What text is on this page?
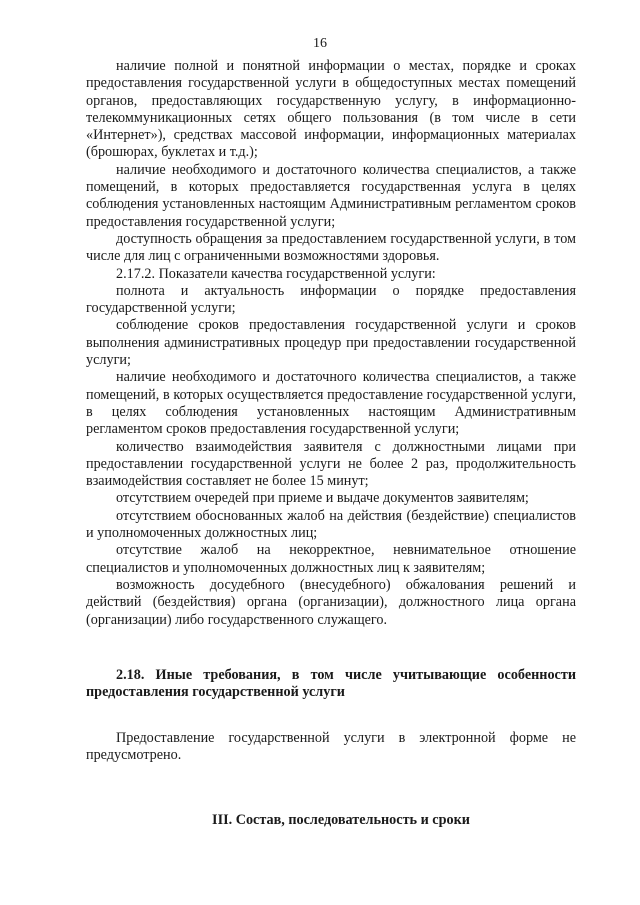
16

наличие полной и понятной информации о местах, порядке и сроках предоставления государственной услуги в общедоступных местах помещений органов, предоставляющих государственную услугу, в информационно-телекоммуникационных сетях общего пользования (в том числе в сети «Интернет»), средствах массовой информации, информационных материалах (брошюрах, буклетах и т.д.);

наличие необходимого и достаточного количества специалистов, а также помещений, в которых предоставляется государственная услуга в целях соблюдения установленных настоящим Административным регламентом сроков предоставления государственной услуги;

доступность обращения за предоставлением государственной услуги, в том числе для лиц с ограниченными возможностями здоровья.

2.17.2. Показатели качества государственной услуги:

полнота и актуальность информации о порядке предоставления государственной услуги;

соблюдение сроков предоставления государственной услуги и сроков выполнения административных процедур при предоставлении государственной услуги;

наличие необходимого и достаточного количества специалистов, а также помещений, в которых осуществляется предоставление государственной услуги, в целях соблюдения установленных настоящим Административным регламентом сроков предоставления государственной услуги;

количество взаимодействия заявителя с должностными лицами при предоставлении государственной услуги не более 2 раз, продолжительность взаимодействия составляет не более 15 минут;

отсутствием очередей при приеме и выдаче документов заявителям;

отсутствием обоснованных жалоб на действия (бездействие) специалистов и уполномоченных должностных лиц;

отсутствие жалоб на некорректное, невнимательное отношение специалистов и уполномоченных должностных лиц к заявителям;

возможность досудебного (внесудебного) обжалования решений и действий (бездействия) органа (организации), должностного лица органа (организации) либо государственного служащего.

2.18. Иные требования, в том числе учитывающие особенности предоставления государственной услуги

Предоставление государственной услуги в электронной форме не предусмотрено.

III. Состав, последовательность и сроки
